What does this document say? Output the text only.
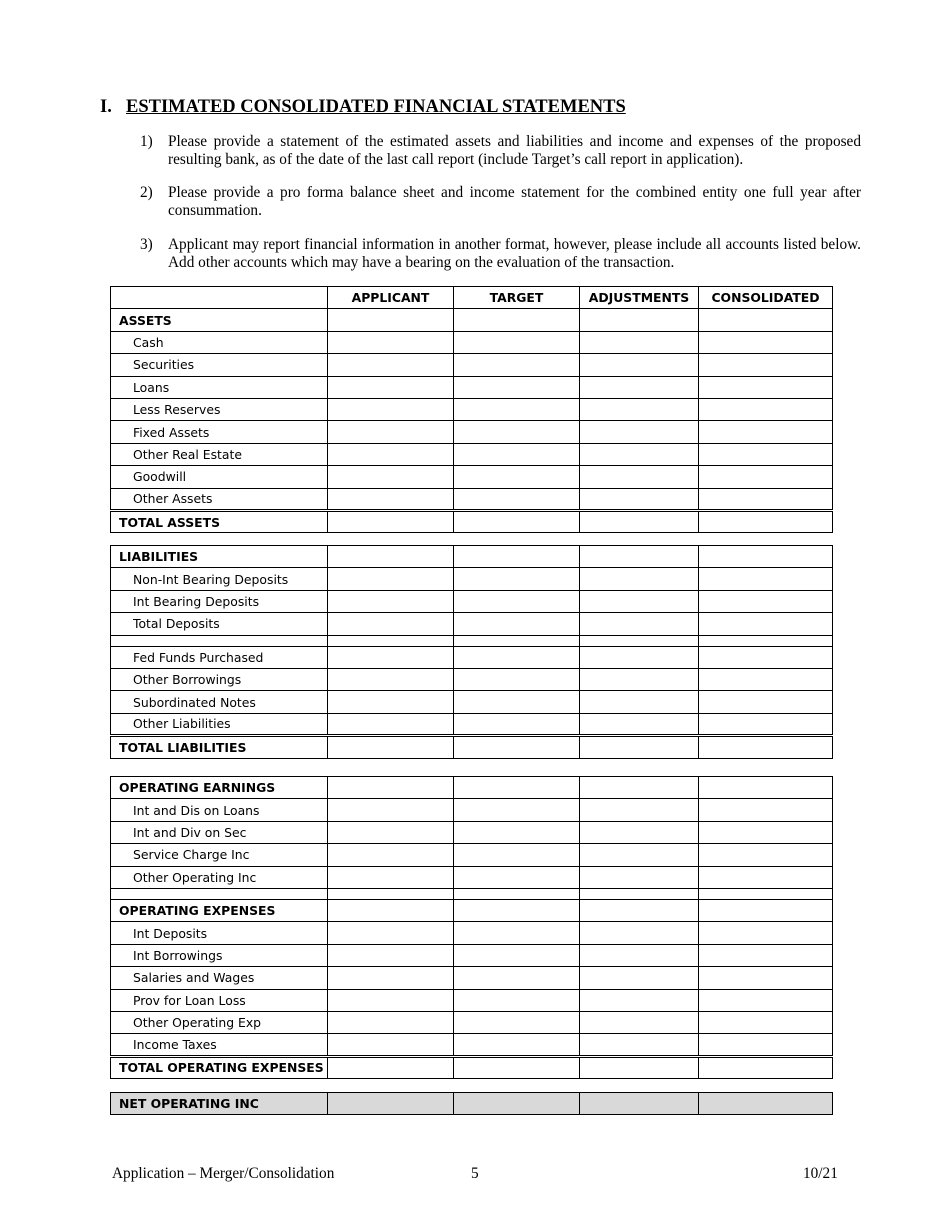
I. ESTIMATED CONSOLIDATED FINANCIAL STATEMENTS
1) Please provide a statement of the estimated assets and liabilities and income and expenses of the proposed resulting bank, as of the date of the last call report (include Target’s call report in application).
2) Please provide a pro forma balance sheet and income statement for the combined entity one full year after consummation.
3) Applicant may report financial information in another format, however, please include all accounts listed below. Add other accounts which may have a bearing on the evaluation of the transaction.
	APPLICANT	TARGET	ADJUSTMENTS	CONSOLIDATED
ASSETS				
Cash				
Securities				
Loans				
Less Reserves				
Fixed Assets				
Other Real Estate				
Goodwill				
Other Assets				
TOTAL ASSETS				
LIABILITIES				
Non-Int Bearing Deposits				
Int Bearing Deposits				
Total Deposits				

Fed Funds Purchased				
Other Borrowings				
Subordinated Notes				
Other Liabilities				
TOTAL LIABILITIES				
OPERATING EARNINGS				
Int and Dis on Loans				
Int and Div on Sec				
Service Charge Inc				
Other Operating Inc				

OPERATING EXPENSES				
Int Deposits				
Int Borrowings				
Salaries and Wages				
Prov for Loan Loss				
Other Operating Exp				
Income Taxes				
TOTAL OPERATING EXPENSES				
NET OPERATING INC				
Application – Merger/Consolidation	5	10/21
